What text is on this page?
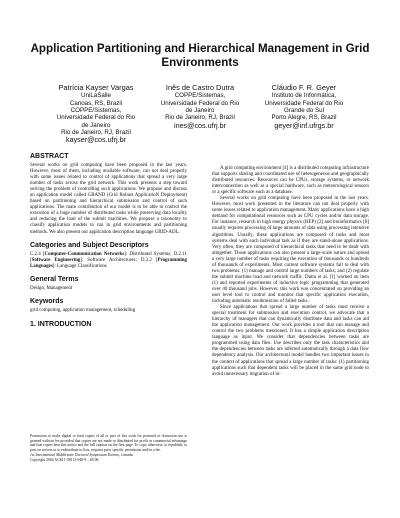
Application Partitioning and Hierarchical Management in Grid Environments
Patrícia Kayser Vargas
UniLaSalle
Canoas, RS, Brazil
COPPE/Sistemas,
Universidade Federal do Rio
de Janeiro
Rio de Janeiro, RJ, Brazil
kayser@cos.ufrj.br
Inês de Castro Dutra
COPPE/Sistemas,
Universidade Federal do Rio
de Janeiro
Rio de Janeiro, RJ, Brazil
ines@cos.ufrj.br
Cláudio F. R. Geyer
Instituto de Informática,
Universidade Federal do Rio
Grande do Sul
Porto Alegre, RS, Brazil
geyer@inf.ufrgs.br
ABSTRACT

Several works on grid computing have been proposed in the last years. However, most of them, including available software, can not deal properly with some issues related to control of applications that spread a very large number of tasks across the grid network. This work presents a step toward solving the problem of controlling such applications. We propose and discuss an application model called GRAND (Grid Robust ApplicatioN Deployment) based on partitioning and hierarchical submission and control of such applications. The main contribution of our model is to be able to control the execution of a huge number of distributed tasks while preserving data locality and reducing the load of the submit machines. We propose a taxonomy to classify application models to run in grid environments and partitioning methods. We also present our application description language GRID-ADL.

Categories and Subject Descriptors

C.2.4 [Computer-Communication Networks]: Distributed Systems; D.2.11 [Software Engineering]: Software Architectures; D.3.2 [Programming Languages]: Language Classifications

General Terms

Design, Management

Keywords

grid computing, application management, scheduling

1. INTRODUCTION
Permission to make digital or hard copies of all or part of this work for personal or classroom use is granted without fee provided that copies are not made or distributed for profit or commercial advantage and that copies bear this notice and the full citation on the first page. To copy otherwise, to republish, to post on servers or to redistribute to lists, requires prior specific permission and/or a fee.
1st International Middleware Doctoral Symposium Toronto, Canada
Copyright 2004 ACM 1-58113-948-9 ...$5.00.

A grid computing environment [4] is a distributed computing infrastructure that supports sharing and coordinated use of heterogeneous and geographically distributed resources. Resources can be CPUs, storage systems, or network interconnection as well as a special hardware, such as meteorological sensors or a specific software such as a database.

Several works on grid computing have been proposed in the last years. However, most work presented in the literature can not deal properly with some issues related to application management. Many applications have a high demand for computational resources such as CPU cycles and/or data storage. For instance, research in high energy physics (HEP) [2] and bioinformatics [8] usually requires processing of large amounts of data using processing intensive algorithms. Usually, these applications are composed of tasks and most systems deal with each individual task as if they are stand-alone applications. Very often, they are composed of hierarchical tasks that need to be dealt with altogether. Those applications can also present a large-scale nature and spread a very large number of tasks requiring the execution of thousands or hundreds of thousands of experiments. Most current software systems fail to deal with two problems: (1) manage and control large numbers of tasks; and (2) regulate the submit machine load and network traffic. Dutra et al. [1] worked on item (1) and reported experiments of inductive logic programming that generated over 40 thousand jobs. However, this work was concentrated on providing an user level tool to control and monitor that specific application execution, including automatic resubmission of failed tasks.

Since applications that spread a large number of tasks must receive a special treatment for submission and execution control, we advocate that a hierarchy of managers that can dynamically distribute data and tasks can aid the application management. Our work provides a tool that can manage and control the two problems mentioned. It has a simple application description language as input. We consider that dependencies between tasks are programmed using data files. Use describes only the task characteristics and the dependencies between tasks are inferred automatically through a data flow dependency analysis. Our architectural model handles two important issues in the context of applications that spread a large number of tasks: (1) partitioning applications such that dependent tasks will be placed in the same grid node to avoid unnecessary migration of in-
